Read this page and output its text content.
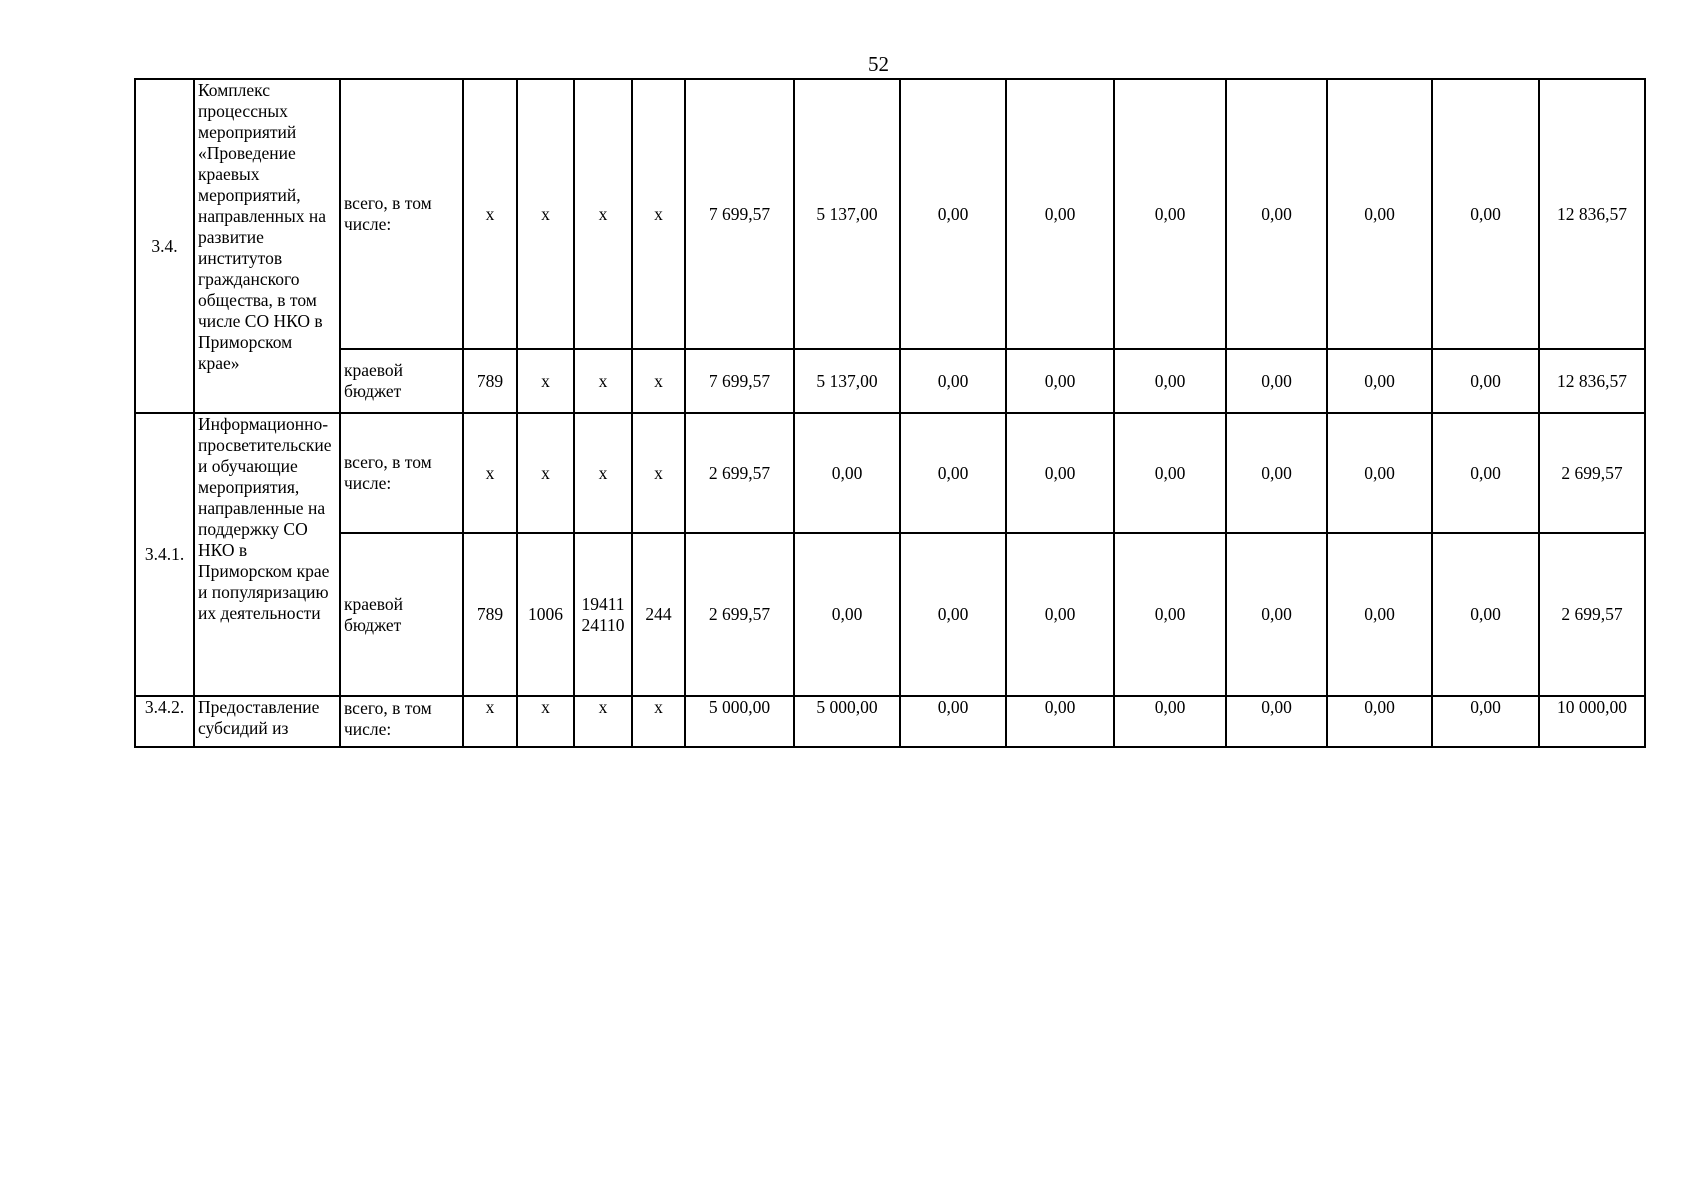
52
3.4.	Комплекс процессных мероприятий «Проведение краевых мероприятий, направленных на развитие институтов гражданского общества, в том числе СО НКО в Приморском крае»	всего, в том числе:	х	х	х	х	7 699,57	5 137,00	0,00	0,00	0,00	0,00	0,00	0,00	12 836,57
		краевой бюджет	789	х	х	х	7 699,57	5 137,00	0,00	0,00	0,00	0,00	0,00	0,00	12 836,57
3.4.1.	Информационно-просветительские и обучающие мероприятия, направленные на поддержку СО НКО в Приморском крае и популяризацию их деятельности	всего, в том числе:	х	х	х	х	2 699,57	0,00	0,00	0,00	0,00	0,00	0,00	0,00	2 699,57
		краевой бюджет	789	1006	19411 24110	244	2 699,57	0,00	0,00	0,00	0,00	0,00	0,00	0,00	2 699,57
3.4.2.	Предоставление субсидий из	всего, в том числе:	х	х	х	х	5 000,00	5 000,00	0,00	0,00	0,00	0,00	0,00	0,00	10 000,00
